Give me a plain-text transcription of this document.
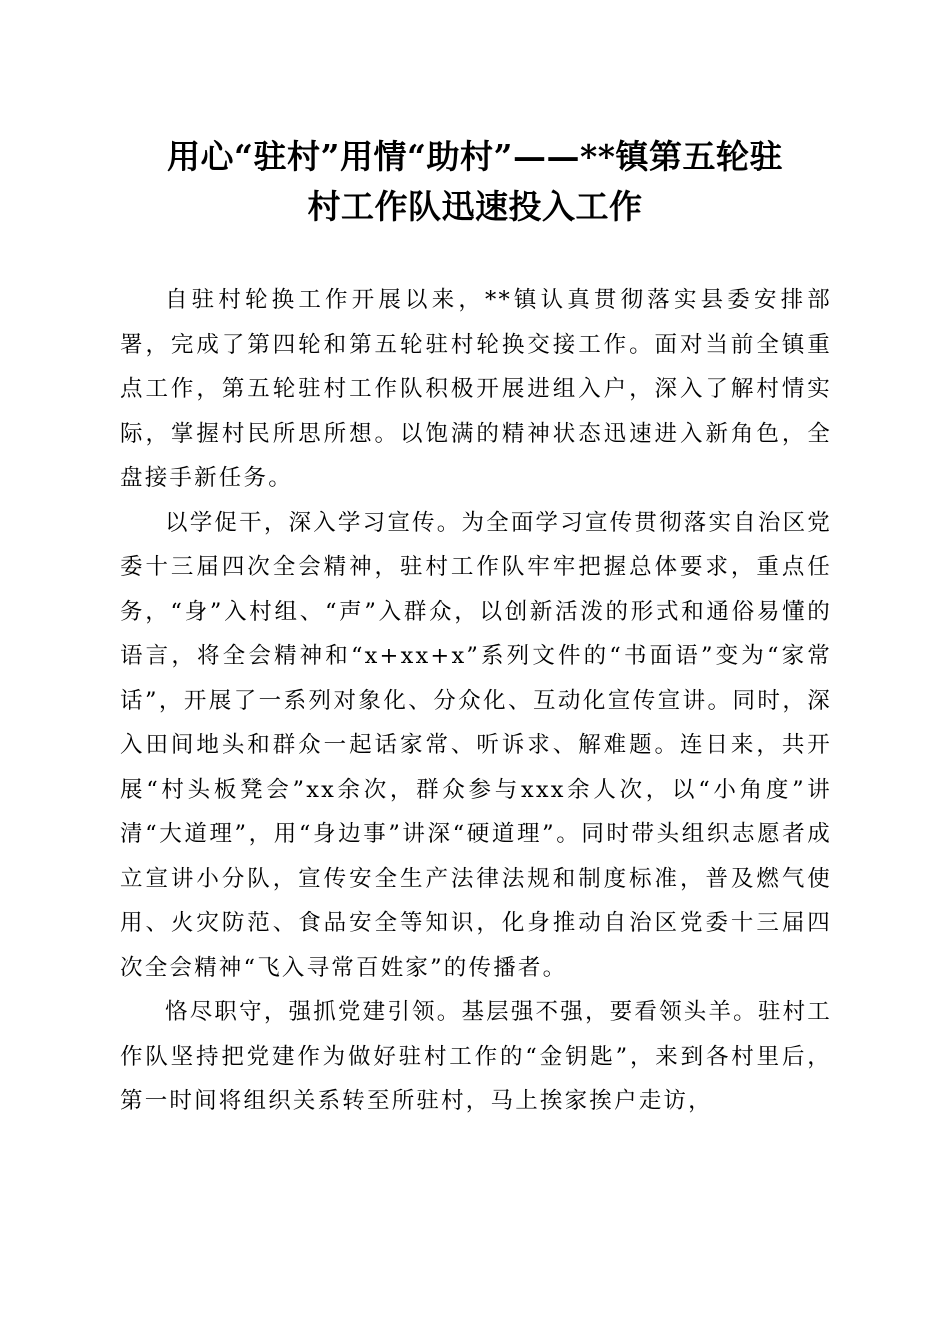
用心“驻村”用情“助村”——**镇第五轮驻
村工作队迅速投入工作

自驻村轮换工作开展以来，**镇认真贯彻落实县委安排部署，完成了第四轮和第五轮驻村轮换交接工作。面对当前全镇重点工作，第五轮驻村工作队积极开展进组入户，深入了解村情实际，掌握村民所思所想。以饱满的精神状态迅速进入新角色，全盘接手新任务。

以学促干，深入学习宣传。为全面学习宣传贯彻落实自治区党委十三届四次全会精神，驻村工作队牢牢把握总体要求，重点任务，“身”入村组、“声”入群众，以创新活泼的形式和通俗易懂的语言，将全会精神和“x+xx+x”系列文件的“书面语”变为“家常话”，开展了一系列对象化、分众化、互动化宣传宣讲。同时，深入田间地头和群众一起话家常、听诉求、解难题。连日来，共开展“村头板凳会”xx余次，群众参与xxx余人次，以“小角度”讲清“大道理”，用“身边事”讲深“硬道理”。同时带头组织志愿者成立宣讲小分队，宣传安全生产法律法规和制度标准，普及燃气使用、火灾防范、食品安全等知识，化身推动自治区党委十三届四次全会精神“飞入寻常百姓家”的传播者。

恪尽职守，强抓党建引领。基层强不强，要看领头羊。驻村工作队坚持把党建作为做好驻村工作的“金钥匙”，来到各村里后，第一时间将组织关系转至所驻村，马上挨家挨户走访，
